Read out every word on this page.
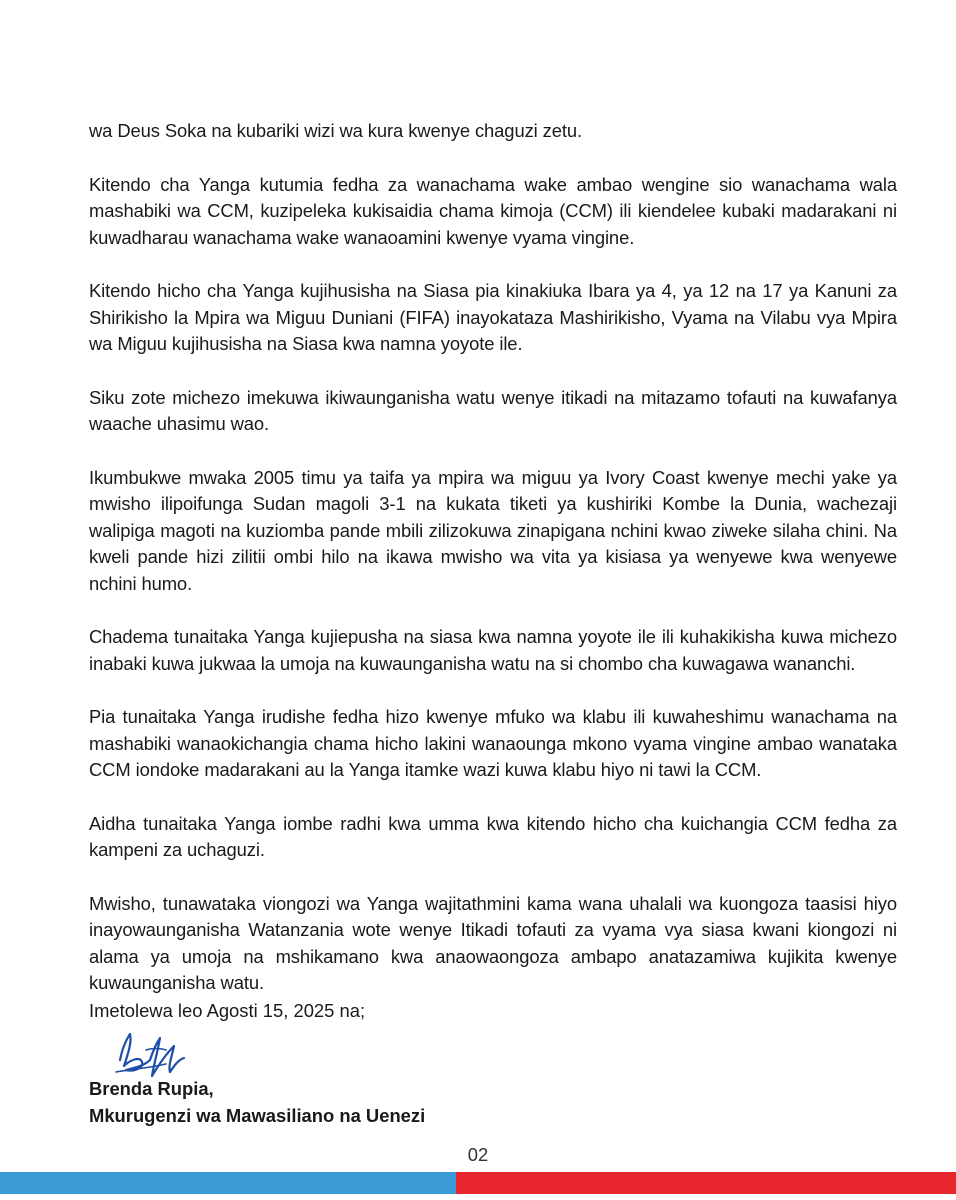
wa Deus Soka na kubariki wizi wa kura kwenye chaguzi zetu.

Kitendo cha Yanga kutumia fedha za wanachama wake ambao wengine sio wanachama wala mashabiki wa CCM, kuzipeleka kukisaidia chama kimoja (CCM) ili kiendelee kubaki madarakani ni kuwadharau wanachama wake wanaoamini kwenye vyama vingine.

Kitendo hicho cha Yanga kujihusisha na Siasa pia kinakiuka Ibara ya 4, ya 12 na 17 ya Kanuni za Shirikisho la Mpira wa Miguu Duniani (FIFA) inayokataza Mashirikisho, Vyama na Vilabu vya Mpira wa Miguu kujihusisha na Siasa kwa namna yoyote ile.

Siku zote michezo imekuwa ikiwaunganisha watu wenye itikadi na mitazamo tofauti na kuwafanya waache uhasimu wao.

Ikumbukwe mwaka 2005 timu ya taifa ya mpira wa miguu ya Ivory Coast kwenye mechi yake ya mwisho ilipoifunga Sudan magoli 3-1 na kukata tiketi ya kushiriki Kombe la Dunia, wachezaji walipiga magoti na kuziomba pande mbili zilizokuwa zinapigana nchini kwao ziweke silaha chini. Na kweli pande hizi zilitii ombi hilo na ikawa mwisho wa vita ya kisiasa ya wenyewe kwa wenyewe nchini humo.

Chadema tunaitaka Yanga kujiepusha na siasa kwa namna yoyote ile ili kuhakikisha kuwa michezo inabaki kuwa jukwaa la umoja na kuwaunganisha watu na si chombo cha kuwagawa wananchi.

Pia tunaitaka Yanga irudishe fedha hizo kwenye mfuko wa klabu ili kuwaheshimu wanachama na mashabiki wanaokichangia chama hicho lakini wanaounga mkono vyama vingine ambao wanataka CCM iondoke madarakani au la Yanga itamke wazi kuwa klabu hiyo ni tawi la CCM.

Aidha tunaitaka Yanga iombe radhi kwa umma kwa kitendo hicho cha kuichangia CCM fedha za kampeni za uchaguzi.

Mwisho, tunawataka viongozi wa Yanga wajitathmini kama wana uhalali wa kuongoza taasisi hiyo inayowaunganisha Watanzania wote wenye Itikadi tofauti za vyama vya siasa kwani kiongozi ni alama ya umoja na mshikamano kwa anaowaongoza ambapo anatazamiwa kujikita kwenye kuwaunganisha watu.

Imetolewa leo Agosti 15, 2025 na;

Brenda Rupia,
Mkurugenzi wa Mawasiliano na Uenezi
02
